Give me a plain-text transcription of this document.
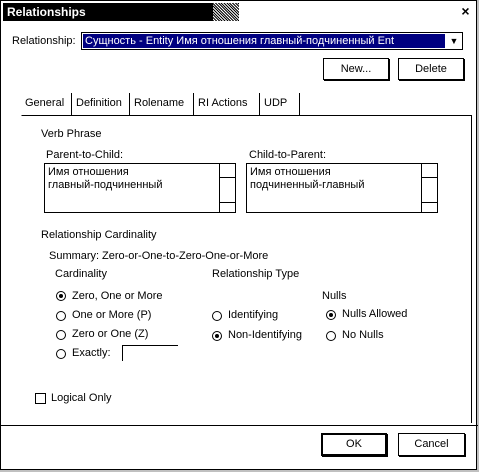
Relationships	×
Relationship: Сущность - Entity Имя отношения главный-подчиненный Ent	▼
New...	Delete
General	Definition	Rolename	RI Actions	UDP
Verb Phrase
Parent-to-Child:	Child-to-Parent:
Имя отношения
главный-подчиненный
Имя отношения
подчиненный-главный
Relationship Cardinality
Summary: Zero-or-One-to-Zero-One-or-More
Cardinality	Relationship Type
Nulls
Zero, One or More
One or More (P)
Zero or One (Z)
Exactly:
Identifying
Non-Identifying
Nulls Allowed
No Nulls
Logical Only
OK	Cancel
